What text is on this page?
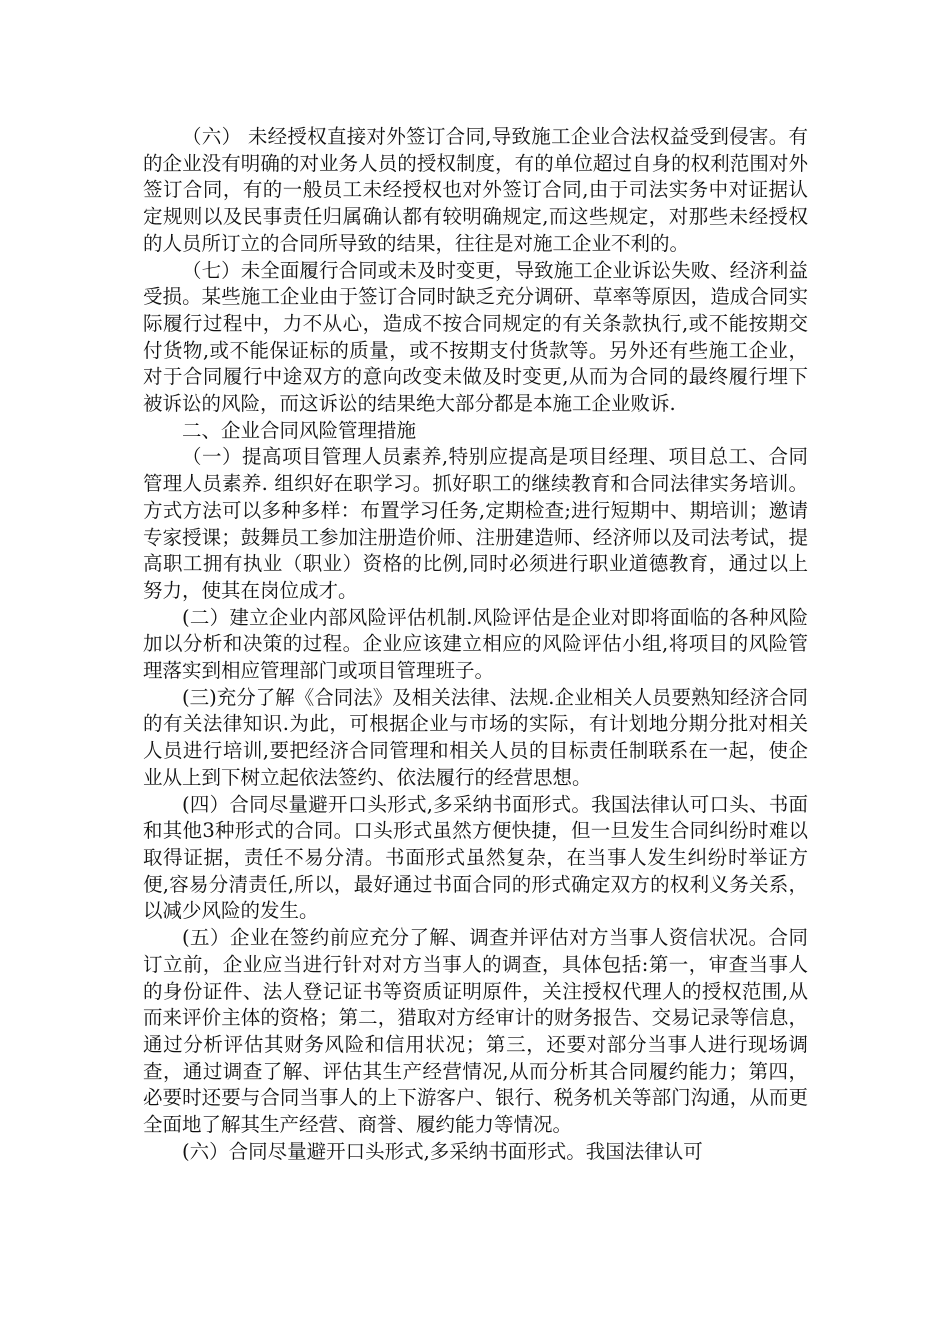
（六） 未经授权直接对外签订合同,导致施工企业合法权益受到侵害。有的企业没有明确的对业务人员的授权制度，有的单位超过自身的权利范围对外签订合同，有的一般员工未经授权也对外签订合同,由于司法实务中对证据认定规则以及民事责任归属确认都有较明确规定,而这些规定，对那些未经授权的人员所订立的合同所导致的结果，往往是对施工企业不利的。

（七）未全面履行合同或未及时变更，导致施工企业诉讼失败、经济利益受损。某些施工企业由于签订合同时缺乏充分调研、草率等原因，造成合同实际履行过程中，力不从心，造成不按合同规定的有关条款执行,或不能按期交付货物,或不能保证标的质量，或不按期支付货款等。另外还有些施工企业，对于合同履行中途双方的意向改变未做及时变更,从而为合同的最终履行埋下被诉讼的风险，而这诉讼的结果绝大部分都是本施工企业败诉.

二、企业合同风险管理措施

（一）提高项目管理人员素养,特别应提高是项目经理、项目总工、合同管理人员素养. 组织好在职学习。抓好职工的继续教育和合同法律实务培训。方式方法可以多种多样：布置学习任务,定期检查;进行短期中、期培训；邀请专家授课；鼓舞员工参加注册造价师、注册建造师、经济师以及司法考试，提高职工拥有执业（职业）资格的比例,同时必须进行职业道德教育，通过以上努力，使其在岗位成才。

(二）建立企业内部风险评估机制.风险评估是企业对即将面临的各种风险加以分析和决策的过程。企业应该建立相应的风险评估小组,将项目的风险管理落实到相应管理部门或项目管理班子。

(三)充分了解《合同法》及相关法律、法规.企业相关人员要熟知经济合同的有关法律知识.为此，可根据企业与市场的实际，有计划地分期分批对相关人员进行培训,要把经济合同管理和相关人员的目标责任制联系在一起，使企业从上到下树立起依法签约、依法履行的经营思想。

(四）合同尽量避开口头形式,多采纳书面形式。我国法律认可口头、书面和其他3种形式的合同。口头形式虽然方便快捷，但一旦发生合同纠纷时难以取得证据，责任不易分清。书面形式虽然复杂，在当事人发生纠纷时举证方便,容易分清责任,所以，最好通过书面合同的形式确定双方的权利义务关系，以减少风险的发生。

(五）企业在签约前应充分了解、调查并评估对方当事人资信状况。合同订立前，企业应当进行针对对方当事人的调查，具体包括:第一，审查当事人的身份证件、法人登记证书等资质证明原件，关注授权代理人的授权范围,从而来评价主体的资格；第二，猎取对方经审计的财务报告、交易记录等信息，通过分析评估其财务风险和信用状况；第三，还要对部分当事人进行现场调查，通过调查了解、评估其生产经营情况,从而分析其合同履约能力；第四，必要时还要与合同当事人的上下游客户、银行、税务机关等部门沟通，从而更全面地了解其生产经营、商誉、履约能力等情况。

(六）合同尽量避开口头形式,多采纳书面形式。我国法律认可
